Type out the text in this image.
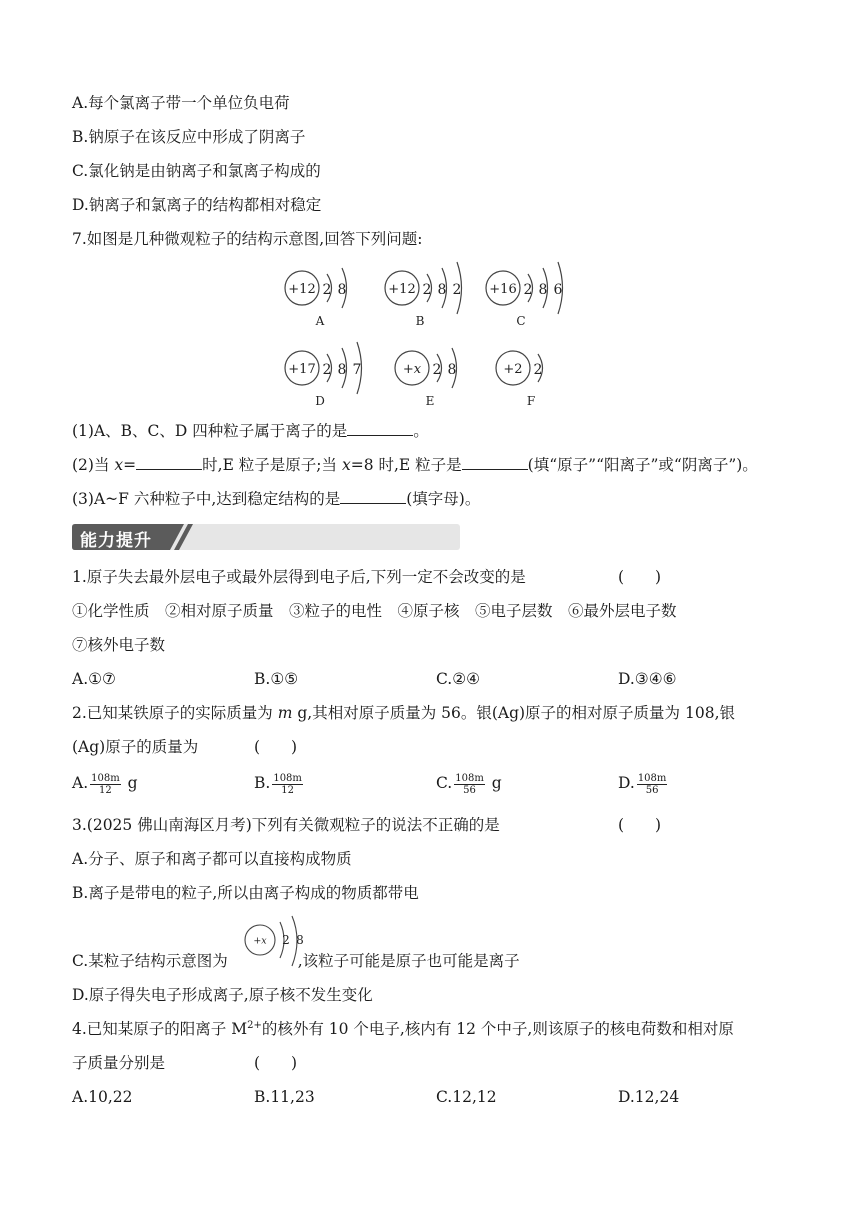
A.每个氯离子带一个单位负电荷
B.钠原子在该反应中形成了阴离子
C.氯化钠是由钠离子和氯离子构成的
D.钠离子和氯离子的结构都相对稳定
7.如图是几种微观粒子的结构示意图,回答下列问题:
+12 2 8
A
+12 2 8 2
B
+16 2 8 6
C
+17 2 8 7
D
+x 2 8
E
+2 2
F
(1)A、B、C、D 四种粒子属于离子的是	。
(2)当 x=	时,E 粒子是原子;当 x=8 时,E 粒子是	(填“原子”“阳离子”或“阴离子”)。
(3)A~F 六种粒子中,达到稳定结构的是	(填字母)。
能力提升
1.原子失去最外层电子或最外层得到电子后,下列一定不会改变的是	(　　)
①化学性质　②相对原子质量　③粒子的电性　④原子核　⑤电子层数　⑥最外层电子数
⑦核外电子数
A.①⑦	B.①⑤	C.②④	D.③④⑥
2.已知某铁原子的实际质量为 m g,其相对原子质量为 56。银(Ag)原子的相对原子质量为 108,银
(Ag)原子的质量为	(　　)
A. $\frac{108m}{12}$ g	B. $\frac{108m}{12}$	C. $\frac{108m}{56}$ g	D. $\frac{108m}{56}$
3.(2025 佛山南海区月考)下列有关微观粒子的说法不正确的是	(　　)
A.分子、原子和离子都可以直接构成物质
B.离子是带电的粒子,所以由离子构成的物质都带电
C.某粒子结构示意图为	,该粒子可能是原子也可能是离子
+x 2 8
D.原子得失电子形成离子,原子核不发生变化
4.已知某原子的阳离子 $M^{2+}$的核外有 10 个电子,核内有 12 个中子,则该原子的核电荷数和相对原
子质量分别是	(　　)
A.10,22	B.11,23	C.12,12	D.12,24
